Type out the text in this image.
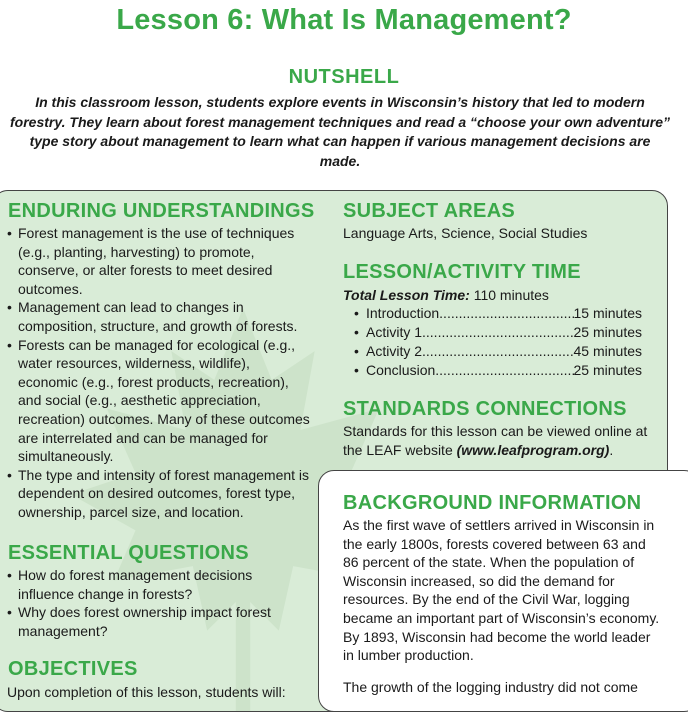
Lesson 6: What Is Management?
NUTSHELL
In this classroom lesson, students explore events in Wisconsin’s history that led to modern forestry. They learn about forest management techniques and read a “choose your own adventure” type story about management to learn what can happen if various management decisions are made.
ENDURING UNDERSTANDINGS
• Forest management is the use of techniques (e.g., planting, harvesting) to promote, conserve, or alter forests to meet desired outcomes.
• Management can lead to changes in composition, structure, and growth of forests.
• Forests can be managed for ecological (e.g., water resources, wilderness, wildlife), economic (e.g., forest products, recreation), and social (e.g., aesthetic appreciation, recreation) outcomes. Many of these outcomes are interrelated and can be managed for simultaneously.
• The type and intensity of forest management is dependent on desired outcomes, forest type, ownership, parcel size, and location.
ESSENTIAL QUESTIONS
• How do forest management decisions influence change in forests?
• Why does forest ownership impact forest management?
OBJECTIVES
Upon completion of this lesson, students will:
SUBJECT AREAS
Language Arts, Science, Social Studies
LESSON/ACTIVITY TIME
Total Lesson Time: 110 minutes
• Introduction .....	15 minutes
• Activity 1 .....	25 minutes
• Activity 2 .....	45 minutes
• Conclusion .....	25 minutes
STANDARDS CONNECTIONS
Standards for this lesson can be viewed online at the LEAF website (www.leafprogram.org).
BACKGROUND INFORMATION
As the first wave of settlers arrived in Wisconsin in the early 1800s, forests covered between 63 and 86 percent of the state. When the population of Wisconsin increased, so did the demand for resources. By the end of the Civil War, logging became an important part of Wisconsin’s economy. By 1893, Wisconsin had become the world leader in lumber production.
The growth of the logging industry did not come
